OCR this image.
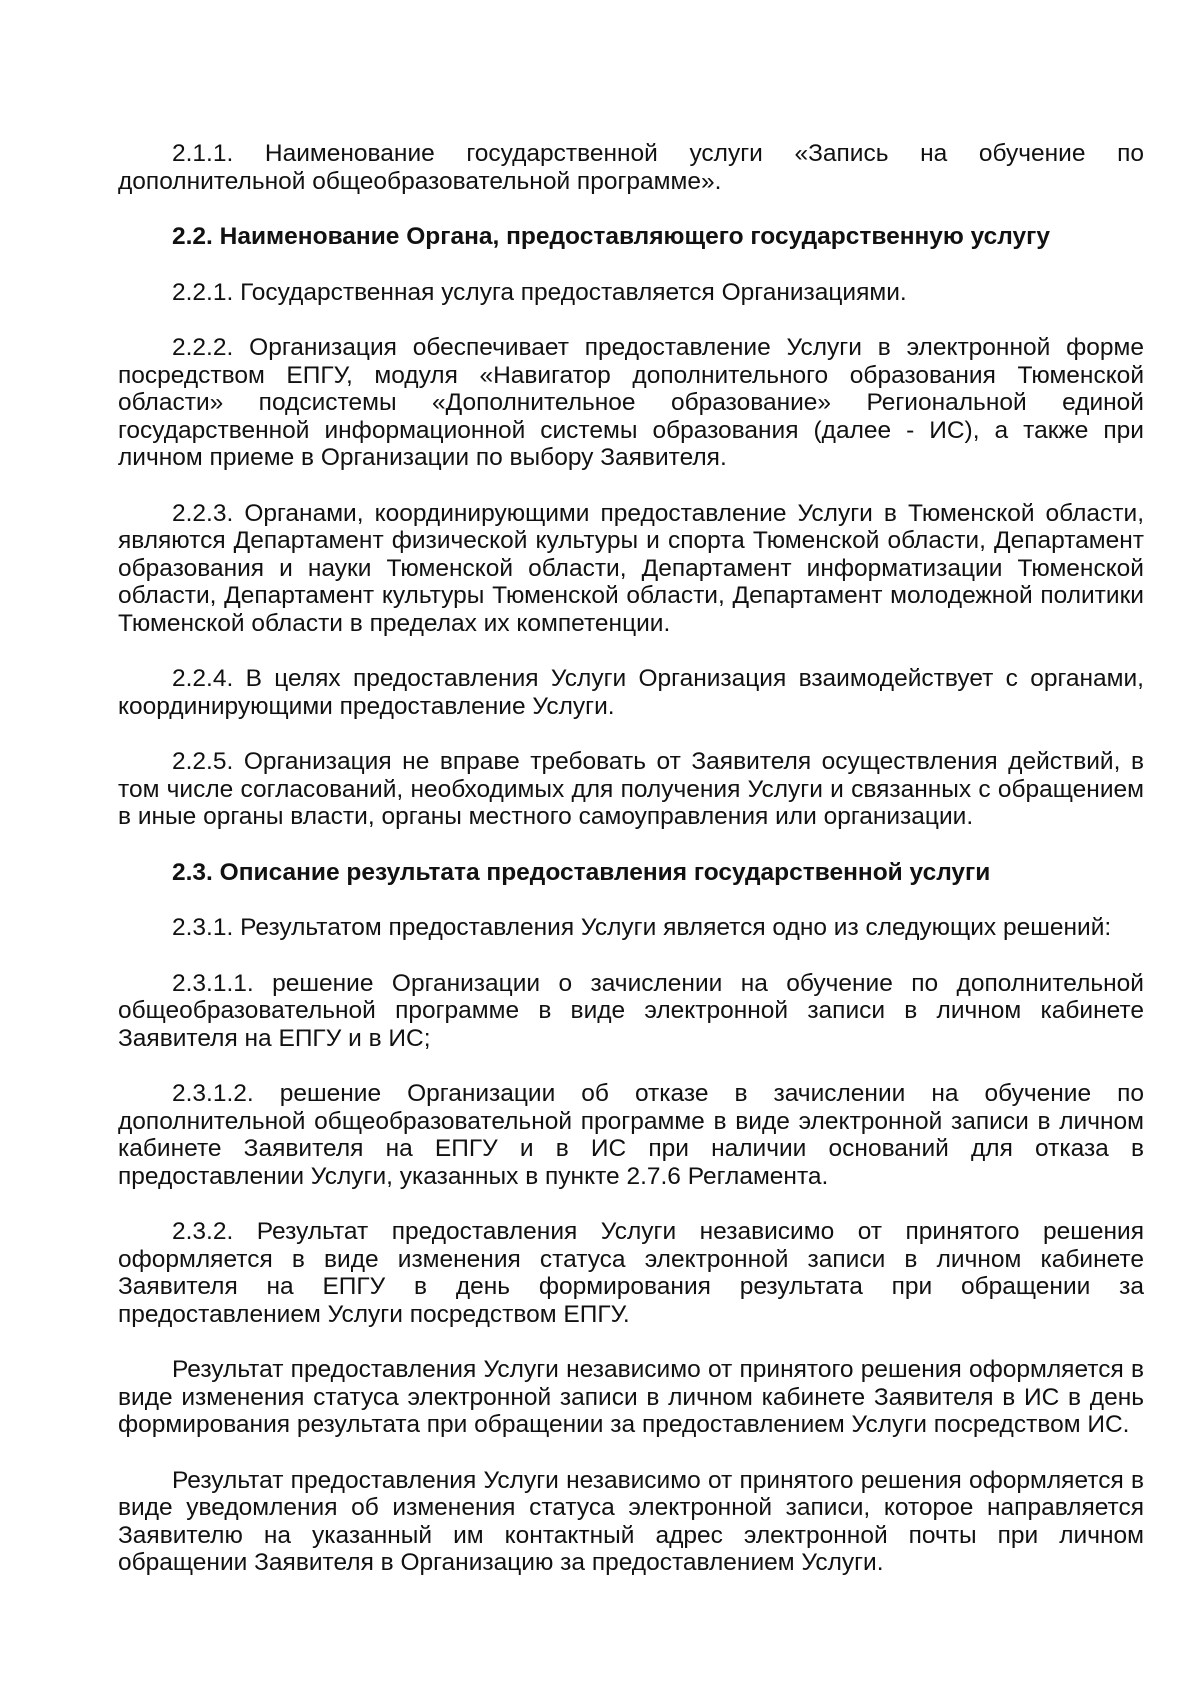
2.1.1. Наименование государственной услуги «Запись на обучение по дополнительной общеобразовательной программе».

2.2. Наименование Органа, предоставляющего государственную услугу

2.2.1. Государственная услуга предоставляется Организациями.

2.2.2. Организация обеспечивает предоставление Услуги в электронной форме посредством ЕПГУ, модуля «Навигатор дополнительного образования Тюменской области» подсистемы «Дополнительное образование» Региональной единой государственной информационной системы образования (далее - ИС), а также при личном приеме в Организации по выбору Заявителя.

2.2.3. Органами, координирующими предоставление Услуги в Тюменской области, являются Департамент физической культуры и спорта Тюменской области, Департамент образования и науки Тюменской области, Департамент информатизации Тюменской области, Департамент культуры Тюменской области, Департамент молодежной политики Тюменской области в пределах их компетенции.

2.2.4. В целях предоставления Услуги Организация взаимодействует с органами, координирующими предоставление Услуги.

2.2.5. Организация не вправе требовать от Заявителя осуществления действий, в том числе согласований, необходимых для получения Услуги и связанных с обращением в иные органы власти, органы местного самоуправления или организации.

2.3. Описание результата предоставления государственной услуги

2.3.1. Результатом предоставления Услуги является одно из следующих решений:

2.3.1.1. решение Организации о зачислении на обучение по дополнительной общеобразовательной программе в виде электронной записи в личном кабинете Заявителя на ЕПГУ и в ИС;

2.3.1.2. решение Организации об отказе в зачислении на обучение по дополнительной общеобразовательной программе в виде электронной записи в личном кабинете Заявителя на ЕПГУ и в ИС при наличии оснований для отказа в предоставлении Услуги, указанных в пункте 2.7.6 Регламента.

2.3.2. Результат предоставления Услуги независимо от принятого решения оформляется в виде изменения статуса электронной записи в личном кабинете Заявителя на ЕПГУ в день формирования результата при обращении за предоставлением Услуги посредством ЕПГУ.

Результат предоставления Услуги независимо от принятого решения оформляется в виде изменения статуса электронной записи в личном кабинете Заявителя в ИС в день формирования результата при обращении за предоставлением Услуги посредством ИС.

Результат предоставления Услуги независимо от принятого решения оформляется в виде уведомления об изменения статуса электронной записи, которое направляется Заявителю на указанный им контактный адрес электронной почты при личном обращении Заявителя в Организацию за предоставлением Услуги.
